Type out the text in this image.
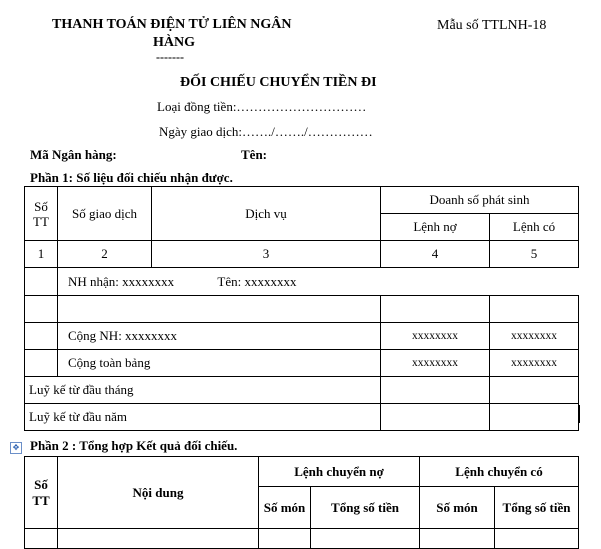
THANH TOÁN ĐIỆN TỬ LIÊN NGÂN
HÀNG
-------
Mẫu số TTLNH-18
ĐỐI CHIẾU CHUYỂN TIỀN ĐI
Loại đồng tiền:…………………………
Ngày giao dịch:……./……./……………
Mã Ngân hàng:	Tên:
Phần 1: Số liệu đối chiếu nhận được.
Số TT	Số giao dịch	Dịch vụ	Doanh số phát sinh	
			Lệnh nợ	Lệnh có
1	2	3	4	5
	NH nhận: xxxxxxxx Tên: xxxxxxxx			

	Cộng NH: xxxxxxxx		xxxxxxxx	xxxxxxxx
	Cộng toàn bảng		xxxxxxxx	xxxxxxxx
Luỹ kế từ đầu tháng				
Luỹ kế từ đầu năm				
✥ Phần 2 : Tổng hợp Kết quả đối chiếu.
Số TT	Nội dung	Lệnh chuyển nợ		Lệnh chuyển có	
		Số món	Tổng số tiền	Số món	Tổng số tiền
